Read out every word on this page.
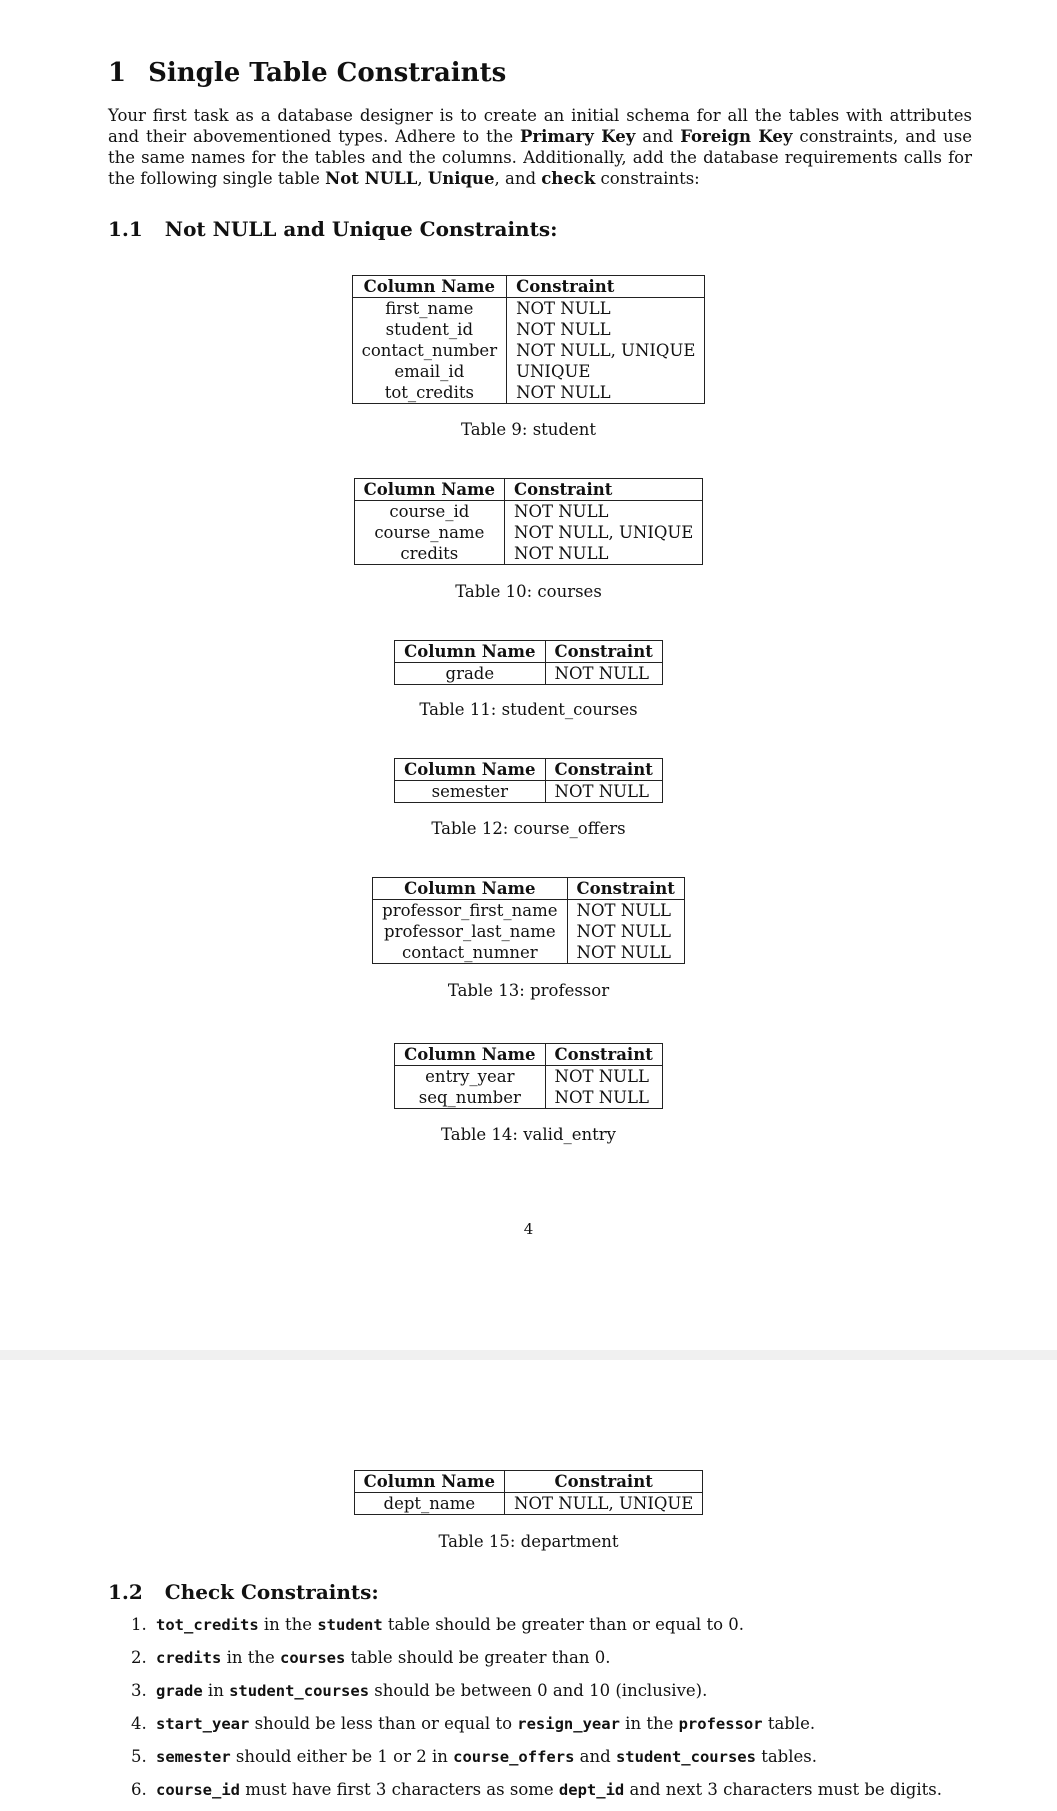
1 Single Table Constraints

Your first task as a database designer is to create an initial schema for all the tables with attributes and their abovementioned types. Adhere to the Primary Key and Foreign Key constraints, and use the same names for the tables and the columns. Additionally, add the database requirements calls for the following single table Not NULL, Unique, and check constraints:

1.1 Not NULL and Unique Constraints:
Column Name	Constraint
first_name	NOT NULL
student_id	NOT NULL
contact_number	NOT NULL, UNIQUE
email_id	UNIQUE
tot_credits	NOT NULL
Table 9: student
Column Name	Constraint
course_id	NOT NULL
course_name	NOT NULL, UNIQUE
credits	NOT NULL
Table 10: courses
Column Name	Constraint
grade	NOT NULL
Table 11: student_courses
Column Name	Constraint
semester	NOT NULL
Table 12: course_offers
Column Name	Constraint
professor_first_name	NOT NULL
professor_last_name	NOT NULL
contact_numner	NOT NULL
Table 13: professor
Column Name	Constraint
entry_year	NOT NULL
seq_number	NOT NULL
Table 14: valid_entry
4
Column Name	Constraint
dept_name	NOT NULL, UNIQUE
Table 15: department
1.2 Check Constraints:
1. tot_credits in the student table should be greater than or equal to 0.
2. credits in the courses table should be greater than 0.
3. grade in student_courses should be between 0 and 10 (inclusive).
4. start_year should be less than or equal to resign_year in the professor table.
5. semester should either be 1 or 2 in course_offers and student_courses tables.
6. course_id must have first 3 characters as some dept_id and next 3 characters must be digits.
